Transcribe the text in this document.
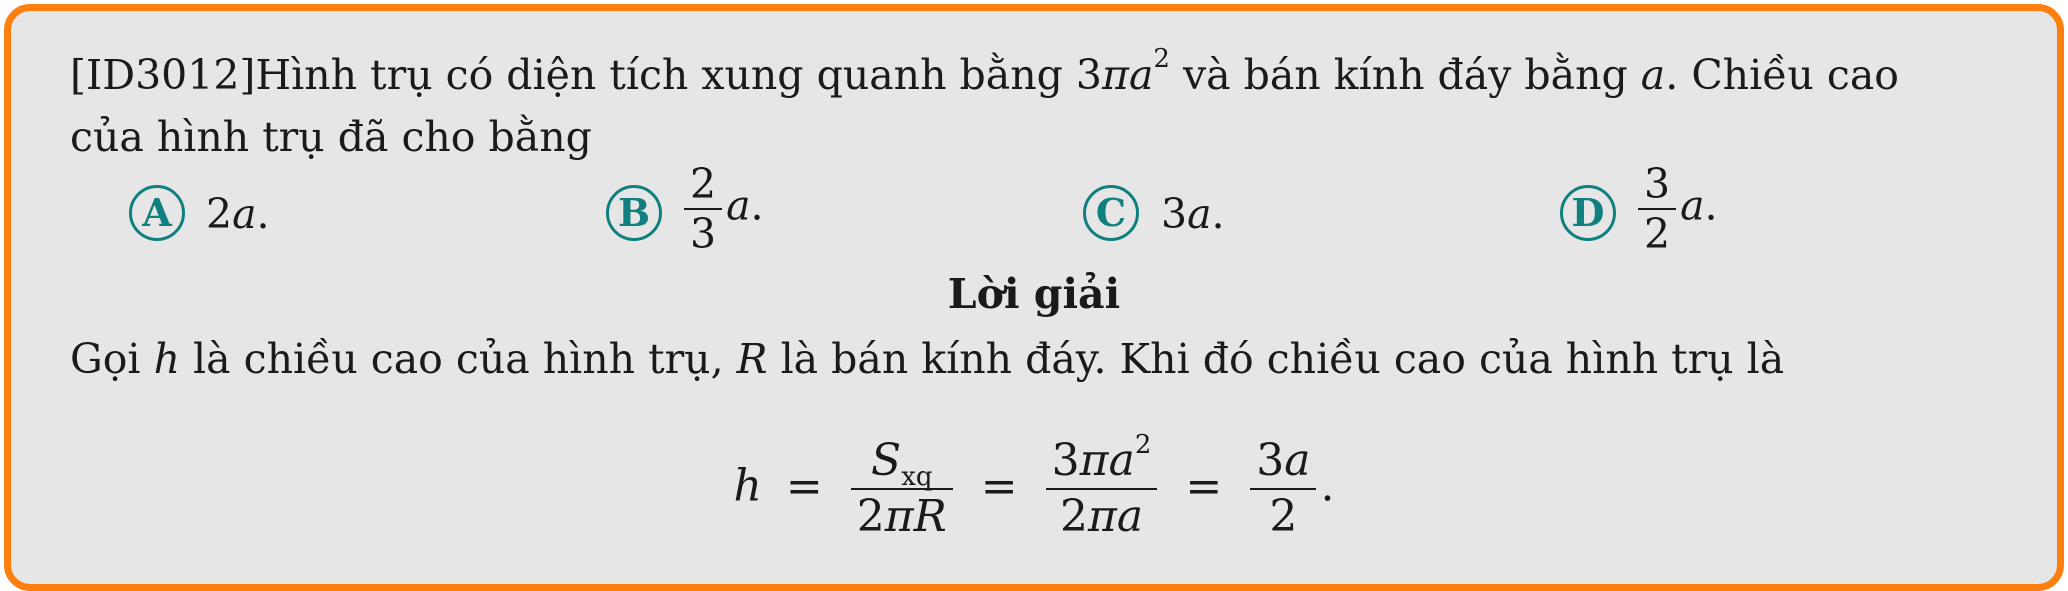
[ID3012]Hình trụ có diện tích xung quanh bằng $3\pi a^2$ và bán kính đáy bằng a. Chiều cao
của hình trụ đã cho bằng
A 2a.	B $\frac{2}{3} a$.	C 3a.	D $\frac{3}{2} a$.
Lời giải
Gọi h là chiều cao của hình trụ, R là bán kính đáy. Khi đó chiều cao của hình trụ là
$h = \frac{S_{xq}}{2\pi R} = \frac{3\pi a^2}{2\pi a} = \frac{3a}{2}$ .
